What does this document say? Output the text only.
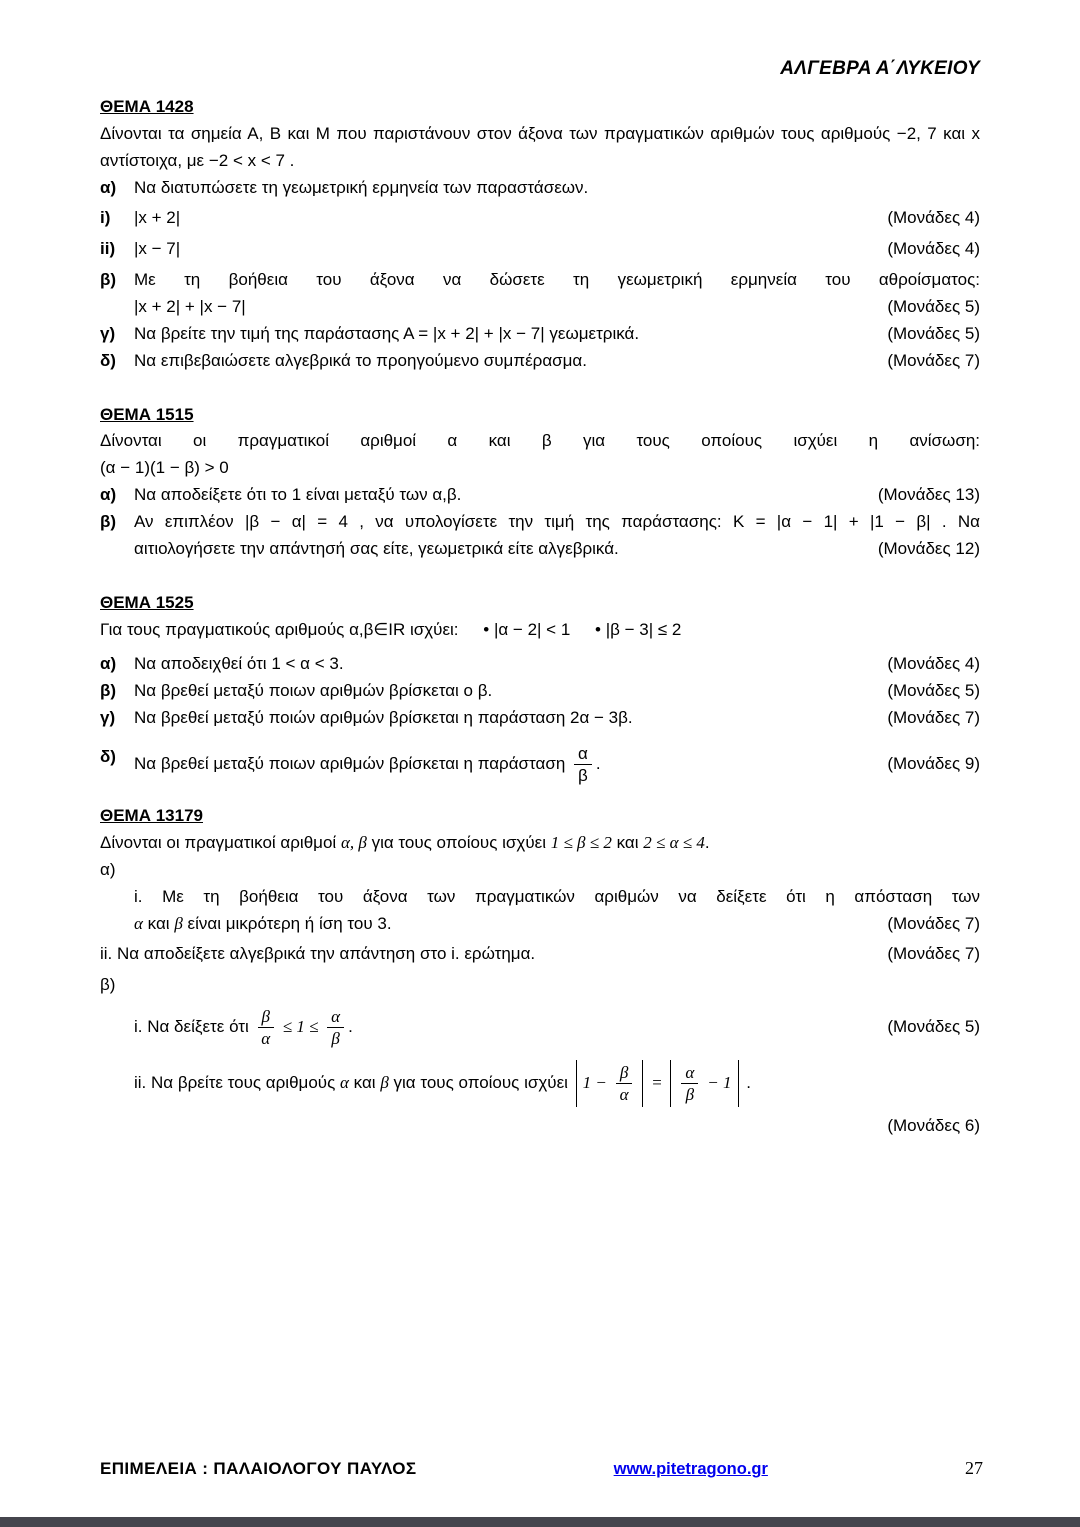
ΑΛΓΕΒΡΑ Α΄ΛΥΚΕΙΟΥ
ΘΕΜΑ 1428

Δίνονται τα σημεία Α, Β και Μ που παριστάνουν στον άξονα των πραγματικών αριθμών τους αριθμούς −2, 7 και x αντίστοιχα, με −2 < x < 7 .

α)	Να διατυπώσετε τη γεωμετρική ερμηνεία των παραστάσεων.
i)	|x + 2|	(Μονάδες 4)
ii)	|x − 7|	(Μονάδες 4)
β)	Με τη βοήθεια του άξονα να δώσετε τη γεωμετρική ερμηνεία του αθροίσματος:
|x + 2| + |x − 7|	(Μονάδες 5)
γ)	Να βρείτε την τιμή της παράστασης Α = |x + 2| + |x − 7| γεωμετρικά.	(Μονάδες 5)
δ)	Να επιβεβαιώσετε αλγεβρικά το προηγούμενο συμπέρασμα.	(Μονάδες 7)
ΘΕΜΑ 1515

Δίνονται οι πραγματικοί αριθμοί α και β για τους οποίους ισχύει η ανίσωση:

(α − 1)(1 − β) > 0
α)	Να αποδείξετε ότι το 1 είναι μεταξύ των α,β.	(Μονάδες 13)
β)	Αν επιπλέον |β − α| = 4 , να υπολογίσετε την τιμή της παράστασης: Κ = |α − 1| + |1 − β| . Να
αιτιολογήσετε την απάντησή σας είτε, γεωμετρικά είτε αλγεβρικά.	(Μονάδες 12)
ΘΕΜΑ 1525

Για τους πραγματικούς αριθμούς α,β∈IR ισχύει: • |α − 2| < 1 • |β − 3| ≤ 2

α)	Να αποδειχθεί ότι 1 < α < 3.	(Μονάδες 4)
β)	Να βρεθεί μεταξύ ποιων αριθμών βρίσκεται ο β.	(Μονάδες 5)
γ)	Να βρεθεί μεταξύ ποιών αριθμών βρίσκεται η παράσταση 2α − 3β.	(Μονάδες 7)
δ)	Να βρεθεί μεταξύ ποιων αριθμών βρίσκεται η παράσταση $\frac{\alpha}{\beta}$ .	(Μονάδες 9)
ΘΕΜΑ 13179

Δίνονται οι πραγματικοί αριθμοί α, β για τους οποίους ισχύει 1 ≤ β ≤ 2 και 2 ≤ α ≤ 4.

α)
i. Με τη βοήθεια του άξονα των πραγματικών αριθμών να δείξετε ότι η απόσταση των
α και β είναι μικρότερη ή ίση του 3.	(Μονάδες 7)
ii. Να αποδείξετε αλγεβρικά την απάντηση στο i. ερώτημα.	(Μονάδες 7)
β)
i. Να δείξετε ότι $\frac{\beta}{\alpha} \le 1 \le \frac{\alpha}{\beta}$ .	(Μονάδες 5)
ii. Να βρείτε τους αριθμούς α και β για τους οποίους ισχύει $1 - \frac{\beta}{\alpha} = \frac{\alpha}{\beta} - 1$ .
(Μονάδες 6)
ΕΠΙΜΕΛΕΙΑ : ΠΑΛΑΙΟΛΟΓΟΥ ΠΑΥΛΟΣ	www.pitetragono.gr	27
